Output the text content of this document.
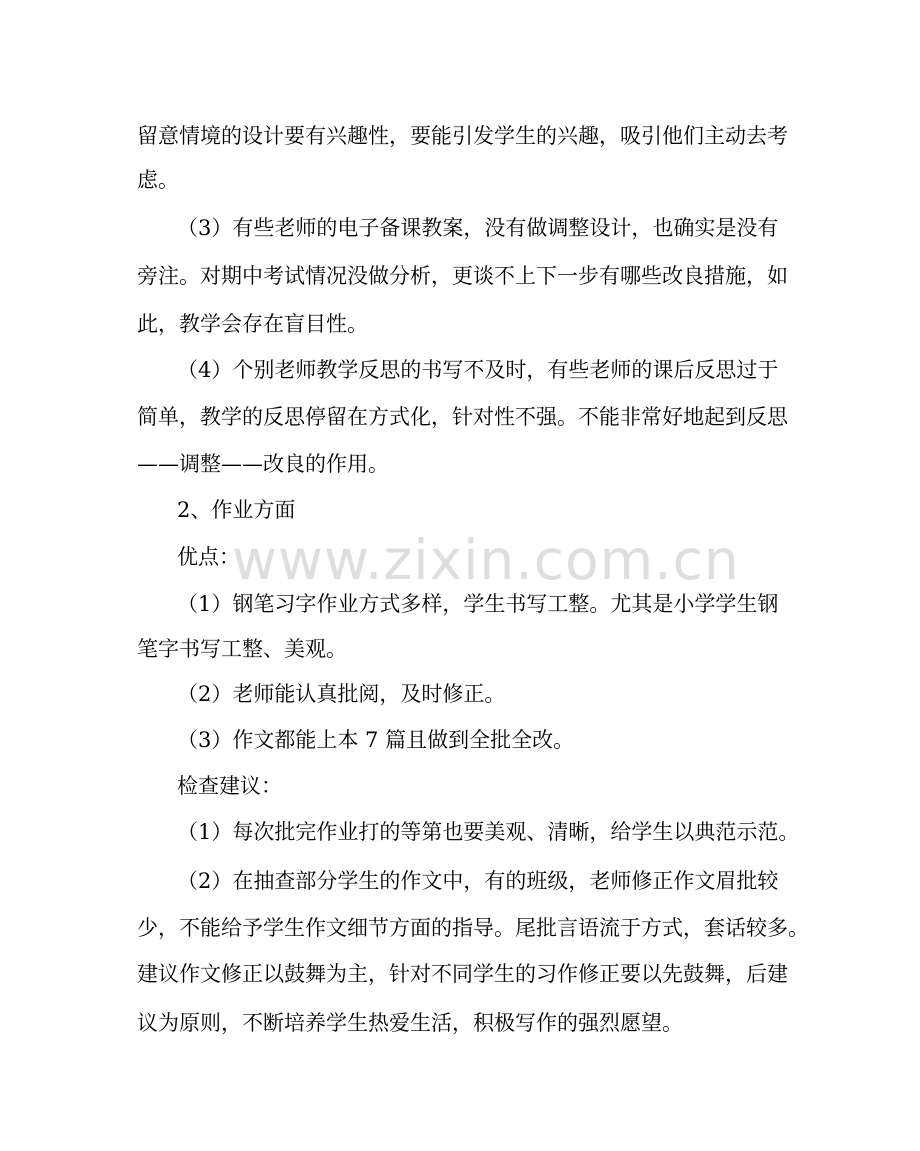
www.zixin.com.cn
留意情境的设计要有兴趣性，要能引发学生的兴趣，吸引他们主动去考
虑。
（3）有些老师的电子备课教案，没有做调整设计，也确实是没有
旁注。对期中考试情况没做分析，更谈不上下一步有哪些改良措施，如
此，教学会存在盲目性。
（4）个别老师教学反思的书写不及时，有些老师的课后反思过于
简单，教学的反思停留在方式化，针对性不强。不能非常好地起到反思
——调整——改良的作用。
2、作业方面
优点：
（1）钢笔习字作业方式多样，学生书写工整。尤其是小学学生钢
笔字书写工整、美观。
（2）老师能认真批阅，及时修正。
（3）作文都能上本 7 篇且做到全批全改。
检查建议：
（1）每次批完作业打的等第也要美观、清晰，给学生以典范示范。
（2）在抽查部分学生的作文中，有的班级，老师修正作文眉批较
少，不能给予学生作文细节方面的指导。尾批言语流于方式，套话较多。
建议作文修正以鼓舞为主，针对不同学生的习作修正要以先鼓舞，后建
议为原则，不断培养学生热爱生活，积极写作的强烈愿望。
